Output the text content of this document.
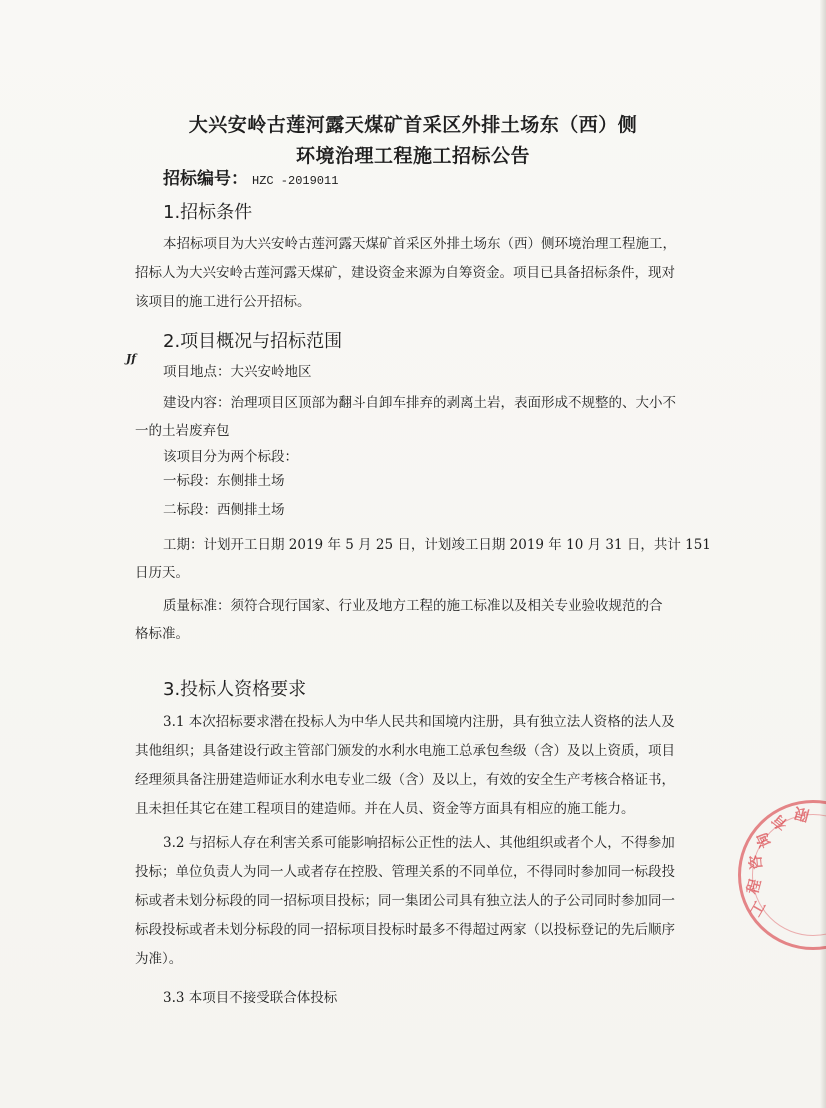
大兴安岭古莲河露天煤矿首采区外排土场东（西）侧
环境治理工程施工招标公告
招标编号： HZC -2019011
1.招标条件
本招标项目为大兴安岭古莲河露天煤矿首采区外排土场东（西）侧环境治理工程施工，
招标人为大兴安岭古莲河露天煤矿，建设资金来源为自筹资金。项目已具备招标条件，现对
该项目的施工进行公开招标。
2.项目概况与招标范围
Jf
项目地点：大兴安岭地区
建设内容：治理项目区顶部为翻斗自卸车排弃的剥离土岩，表面形成不规整的、大小不
一的土岩废弃包
该项目分为两个标段：
一标段：东侧排土场
二标段：西侧排土场
工期：计划开工日期 2019 年 5 月 25 日，计划竣工日期 2019 年 10 月 31 日，共计 151
日历天。
质量标准：须符合现行国家、行业及地方工程的施工标准以及相关专业验收规范的合
格标准。
3.投标人资格要求
3.1 本次招标要求潜在投标人为中华人民共和国境内注册，具有独立法人资格的法人及
其他组织；具备建设行政主管部门颁发的水利水电施工总承包叁级（含）及以上资质，项目
经理须具备注册建造师证水利水电专业二级（含）及以上，有效的安全生产考核合格证书，
且未担任其它在建工程项目的建造师。并在人员、资金等方面具有相应的施工能力。
3.2 与招标人存在利害关系可能影响招标公正性的法人、其他组织或者个人，不得参加
投标；单位负责人为同一人或者存在控股、管理关系的不同单位，不得同时参加同一标段投
标或者未划分标段的同一招标项目投标；同一集团公司具有独立法人的子公司同时参加同一
标段投标或者未划分标段的同一招标项目投标时最多不得超过两家（以投标登记的先后顺序
为准）。
3.3 本项目不接受联合体投标
工
程
咨
询
有 限
